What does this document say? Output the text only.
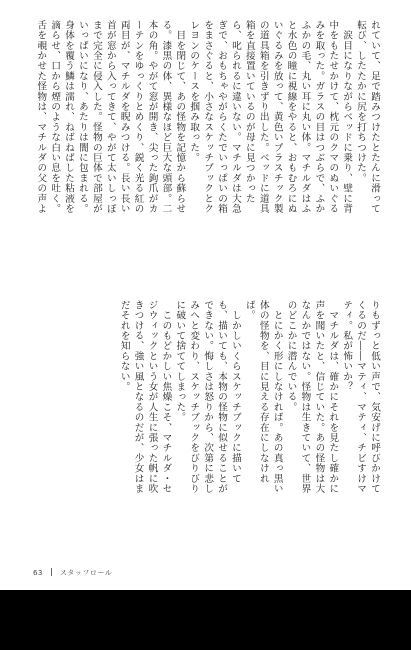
れていて、足で踏みつけたとたんに滑って
転び、したたかに尻を打ちつけた。
　涙目になりながらベッドに乗り、壁に背
中をもたせかけて、枕元のクマのぬいぐる
みを取った。ガラスの目はつぶらで、ふか
ふかの毛、丸い耳に丸い体。マチルダはふ
と水色の瞳に視線をやると、おもむろにぬ
いぐるみを放って、黄色いプラスチック製
の道具箱を引きずり出した。ベッドに道具
箱を直接置いているのが母に見つかった
ら、叱られるに違いない。マチルダは大急
ぎで、おもちゃやがらくたでいっぱいの箱
をまさぐると、小さなスケッチブックとク
レヨンのケースを掴み取った。
　目を閉じて、あの怪物を記憶から蘇らせ
る。漆黒の体、異様なほど巨大な頭部。二
本の角。やがて窓が開き、尖った鉤爪がカ
ーテンをゆっくりとめくり、鋭く光る紅の
両目が、マチルダを睨みつける。長い長い
首が窓から入ってきて、やがて太いしっぽ
まで完全に侵入した。怪物の巨体で部屋が
いっぱいになり、あたりは闇に包まれる。
身体を覆う鱗は濡れ、ねばねばした粘液を
滴らせ、口から煙のような白い息を吐く。
舌を覗かせた怪物は、マチルダの父の声よ
りもずっと低い声で、気安げに呼びかけて
くるのだ――マティ、マティ、チビすけマ
ティ。私が怖いか？
　マチルダは、確かにそれを見たし確かに
声を聞いたと、信じていた。あの怪物は大
なんかではない。怪物は生きていて、世界
のどこかに潜んでいる。
　とにかく形にしなければ。あの真っ黒い
体の怪物を、目に見える存在にしなけれ
ば。
　しかしいくらスケッチブックに描いて
も、描いても、本物の怪物に似せることが
できない。悔しさは怒りから、次第に悲し
みへと変わり、スケッチブックをびりびり
に破いて捨ててしまった。
　このもどかしい焦燥こそ、マチルダ・セ
ジウィックという女が人生に張った帆に吹
きつける、強い風となるのだが、少女はま
だそれを知らない。
63 スタッフロール
